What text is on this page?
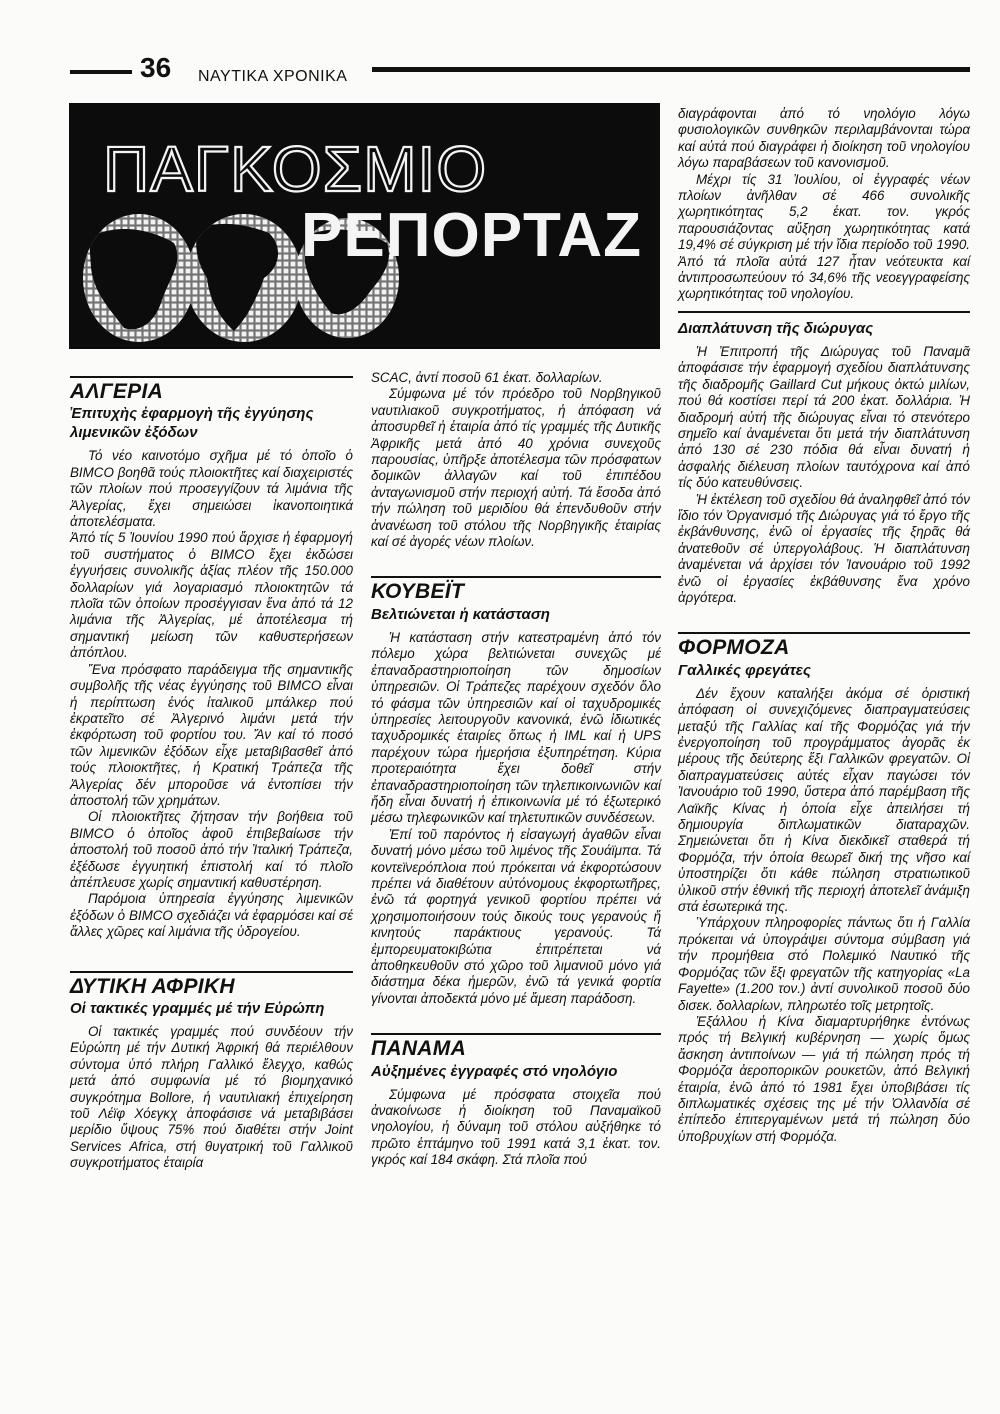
36 ΝΑΥΤΙΚΑ ΧΡΟΝΙΚΑ
ΠΑΓΚΟΣΜΙΟ
ΡΕΠΟΡΤΑΖ
ΑΛΓΕΡΙΑ
Ἐπιτυχὴς ἐφαρμογὴ τῆς ἐγγύησης λιμενικῶν ἐξόδων

Τό νέο καινοτόμο σχῆμα μέ τό ὁποῖο ὁ BIMCO βοηθᾶ τούς πλοιοκτῆτες καί διαχειριστές τῶν πλοίων πού προσεγγίζουν τά λιμάνια τῆς Ἀλγερίας, ἔχει σημειώσει ἱκανοποιητικά ἀποτελέσματα.

Ἀπό τίς 5 Ἰουνίου 1990 πού ἄρχισε ἡ ἐφαρμογή τοῦ συστήματος ὁ BIMCO ἔχει ἐκδώσει ἐγγυήσεις συνολικῆς ἀξίας πλέον τῆς 150.000 δολλαρίων γιά λογαριασμό πλοιοκτητῶν τά πλοῖα τῶν ὁποίων προσέγγισαν ἕνα ἀπό τά 12 λιμάνια τῆς Ἀλγερίας, μέ ἀποτέλεσμα τή σημαντική μείωση τῶν καθυστερήσεων ἀπόπλου.

Ἕνα πρόσφατο παράδειγμα τῆς σημαντικῆς συμβολῆς τῆς νέας ἐγγύησης τοῦ BIMCO εἶναι ἡ περίπτωση ἑνός ἰταλικοῦ μπάλκερ πού ἐκρατεῖτο σέ Ἀλγερινό λιμάνι μετά τήν ἐκφόρτωση τοῦ φορτίου του. Ἄν καί τό ποσό τῶν λιμενικῶν ἐξόδων εἶχε μεταβιβασθεῖ ἀπό τούς πλοιοκτῆτες, ἡ Κρατική Τράπεζα τῆς Ἀλγερίας δέν μποροῦσε νά ἐντοπίσει τήν ἀποστολή τῶν χρημάτων.

Οἱ πλοιοκτῆτες ζήτησαν τήν βοήθεια τοῦ BIMCO ὁ ὁποῖος ἀφοῦ ἐπιβεβαίωσε τήν ἀποστολή τοῦ ποσοῦ ἀπό τήν Ἰταλική Τράπεζα, ἐξέδωσε ἐγγυητική ἐπιστολή καί τό πλοῖο ἀπέπλευσε χωρίς σημαντική καθυστέρηση.

Παρόμοια ὑπηρεσία ἐγγύησης λιμενικῶν ἐξόδων ὁ BIMCO σχεδιάζει νά ἐφαρμόσει καί σέ ἄλλες χῶρες καί λιμάνια τῆς ὑδρογείου.

ΔΥΤΙΚΗ ΑΦΡΙΚΗ
Οἱ τακτικές γραμμές μέ τήν Εὐρώπη

Οἱ τακτικές γραμμές πού συνδέουν τήν Εὐρώπη μέ τήν Δυτική Ἀφρική θά περιέλθουν σύντομα ὑπό πλήρη Γαλλικό ἔλεγχο, καθώς μετά ἀπό συμφωνία μέ τό βιομηχανικό συγκρότημα Bollore, ἡ ναυτιλιακή ἐπιχείρηση τοῦ Λέϊφ Χόεγκχ ἀποφάσισε νά μεταβιβάσει μερίδιο ὕψους 75% πού διαθέτει στήν Joint Services Africa, στή θυγατρική τοῦ Γαλλικοῦ συγκροτήματος ἑταιρία

SCAC, ἀντί ποσοῦ 61 ἑκατ. δολλαρίων.

Σύμφωνα μέ τόν πρόεδρο τοῦ Νορβηγικοῦ ναυτιλιακοῦ συγκροτήματος, ἡ ἀπόφαση νά ἀποσυρθεῖ ἡ ἑταιρία ἀπό τίς γραμμές τῆς Δυτικῆς Ἀφρικῆς μετά ἀπό 40 χρόνια συνεχοῦς παρουσίας, ὑπῆρξε ἀποτέλεσμα τῶν πρόσφατων δομικῶν ἀλλαγῶν καί τοῦ ἐπιπέδου ἀνταγωνισμοῦ στήν περιοχή αὐτή. Τά ἔσοδα ἀπό τήν πώληση τοῦ μεριδίου θά ἐπενδυθοῦν στήν ἀνανέωση τοῦ στόλου τῆς Νορβηγικῆς ἑταιρίας καί σέ ἀγορές νέων πλοίων.

ΚΟΥΒΕΪΤ
Βελτιώνεται ἡ κατάσταση

Ἡ κατάσταση στήν κατεστραμένη ἀπό τόν πόλεμο χώρα βελτιώνεται συνεχῶς μέ ἐπαναδραστηριοποίηση τῶν δημοσίων ὑπηρεσιῶν. Οἱ Τράπεζες παρέχουν σχεδόν ὅλο τό φάσμα τῶν ὑπηρεσιῶν καί οἱ ταχυδρομικές ὑπηρεσίες λειτουργοῦν κανονικά, ἐνῶ ἰδιωτικές ταχυδρομικές ἑταιρίες ὅπως ἡ IML καί ἡ UPS παρέχουν τώρα ἡμερήσια ἐξυπηρέτηση. Κύρια προτεραιότητα ἔχει δοθεῖ στήν ἐπαναδραστηριοποίηση τῶν τηλεπικοινωνιῶν καί ἤδη εἶναι δυνατή ἡ ἐπικοινωνία μέ τό ἐξωτερικό μέσω τηλεφωνικῶν καί τηλετυπικῶν συνδέσεων.

Ἐπί τοῦ παρόντος ἡ εἰσαγωγή ἀγαθῶν εἶναι δυνατή μόνο μέσω τοῦ λιμένος τῆς Σουάϊμπα. Τά κοντεϊνερόπλοια πού πρόκειται νά ἐκφορτώσουν πρέπει νά διαθέτουν αὐτόνομους ἐκφορτωτῆρες, ἐνῶ τά φορτηγά γενικοῦ φορτίου πρέπει νά χρησιμοποιήσουν τούς δικούς τους γερανούς ἤ κινητούς παράκτιους γερανούς. Τά ἐμπορευματοκιβώτια ἐπιτρέπεται νά ἀποθηκευθοῦν στό χῶρο τοῦ λιμανιοῦ μόνο γιά διάστημα δέκα ἡμερῶν, ἐνῶ τά γενικά φορτία γίνονται ἀποδεκτά μόνο μέ ἄμεση παράδοση.

ΠΑΝΑΜΑ
Αὐξημένες ἐγγραφές στό νηολόγιο

Σύμφωνα μέ πρόσφατα στοιχεῖα πού ἀνακοίνωσε ἡ διοίκηση τοῦ Παναμαϊκοῦ νηολογίου, ἡ δύναμη τοῦ στόλου αὐξήθηκε τό πρῶτο ἑπτάμηνο τοῦ 1991 κατά 3,1 ἑκατ. τον. γκρός καί 184 σκάφη. Στά πλοῖα πού

διαγράφονται ἀπό τό νηολόγιο λόγω φυσιολογικῶν συνθηκῶν περιλαμβάνονται τώρα καί αὐτά πού διαγράφει ἡ διοίκηση τοῦ νηολογίου λόγω παραβάσεων τοῦ κανονισμοῦ.

Μέχρι τίς 31 Ἰουλίου, οἱ ἐγγραφές νέων πλοίων ἀνῆλθαν σέ 466 συνολικῆς χωρητικότητας 5,2 ἑκατ. τον. γκρός παρουσιάζοντας αὔξηση χωρητικότητας κατά 19,4% σέ σύγκριση μέ τήν ἴδια περίοδο τοῦ 1990. Ἀπό τά πλοῖα αὐτά 127 ἦταν νεότευκτα καί ἀντιπροσωπεύουν τό 34,6% τῆς νεοεγγραφείσης χωρητικότητας τοῦ νηολογίου.

Διαπλάτυνση τῆς διώρυγας

Ἡ Ἐπιτροπή τῆς Διώρυγας τοῦ Παναμᾶ ἀποφάσισε τήν ἐφαρμογή σχεδίου διαπλάτυνσης τῆς διαδρομῆς Gaillard Cut μήκους ὀκτώ μιλίων, πού θά κοστίσει περί τά 200 ἑκατ. δολλάρια. Ἡ διαδρομή αὐτή τῆς διώρυγας εἶναι τό στενότερο σημεῖο καί ἀναμένεται ὅτι μετά τήν διαπλάτυνση ἀπό 130 σέ 230 πόδια θά εἶναι δυνατή ἡ ἀσφαλής διέλευση πλοίων ταυτόχρονα καί ἀπό τίς δύο κατευθύνσεις.

Ἡ ἐκτέλεση τοῦ σχεδίου θά ἀναληφθεῖ ἀπό τόν ἴδιο τόν Ὀργανισμό τῆς Διώρυγας γιά τό ἔργο τῆς ἐκβάνθυνσης, ἐνῶ οἱ ἐργασίες τῆς ξηρᾶς θά ἀνατεθοῦν σέ ὑπεργολάβους. Ἡ διαπλάτυνση ἀναμένεται νά ἀρχίσει τόν Ἰανουάριο τοῦ 1992 ἐνῶ οἱ ἐργασίες ἐκβάθυνσης ἕνα χρόνο ἀργότερα.

ΦΟΡΜΟΖΑ
Γαλλικές φρεγάτες

Δέν ἔχουν καταλήξει ἀκόμα σέ ὁριστική ἀπόφαση οἱ συνεχιζόμενες διαπραγματεύσεις μεταξύ τῆς Γαλλίας καί τῆς Φορμόζας γιά τήν ἐνεργοποίηση τοῦ προγράμματος ἀγορᾶς ἐκ μέρους τῆς δεύτερης ἕξι Γαλλικῶν φρεγατῶν. Οἱ διαπραγματεύσεις αὐτές εἶχαν παγώσει τόν Ἰανουάριο τοῦ 1990, ὕστερα ἀπό παρέμβαση τῆς Λαϊκῆς Κίνας ἡ ὁποία εἶχε ἀπειλήσει τή δημιουργία διπλωματικῶν διαταραχῶν. Σημειώνεται ὅτι ἡ Κίνα διεκδικεῖ σταθερά τή Φορμόζα, τήν ὁποία θεωρεῖ δική της νῆσο καί ὑποστηρίζει ὅτι κάθε πώληση στρατιωτικοῦ ὑλικοῦ στήν ἐθνική τῆς περιοχή ἀποτελεῖ ἀνάμιξη στά ἐσωτερικά της.

Ὑπάρχουν πληροφορίες πάντως ὅτι ἡ Γαλλία πρόκειται νά ὑπογράψει σύντομα σύμβαση γιά τήν προμήθεια στό Πολεμικό Ναυτικό τῆς Φορμόζας τῶν ἕξι φρεγατῶν τῆς κατηγορίας «La Fayette» (1.200 τον.) ἀντί συνολικοῦ ποσοῦ δύο δισεκ. δολλαρίων, πληρωτέο τοῖς μετρητοῖς.

Ἐξάλλου ἡ Κίνα διαμαρτυρήθηκε ἐντόνως πρός τή Βελγική κυβέρνηση — χωρίς ὅμως ἄσκηση ἀντιποίνων — γιά τή πώληση πρός τή Φορμόζα ἀεροπορικῶν ρουκετῶν, ἀπό Βελγική ἑταιρία, ἐνῶ ἀπό τό 1981 ἔχει ὑποβιβάσει τίς διπλωματικές σχέσεις της μέ τήν Ὀλλανδία σέ ἐπίπεδο ἐπιτεργαμένων μετά τή πώληση δύο ὑποβρυχίων στή Φορμόζα.
